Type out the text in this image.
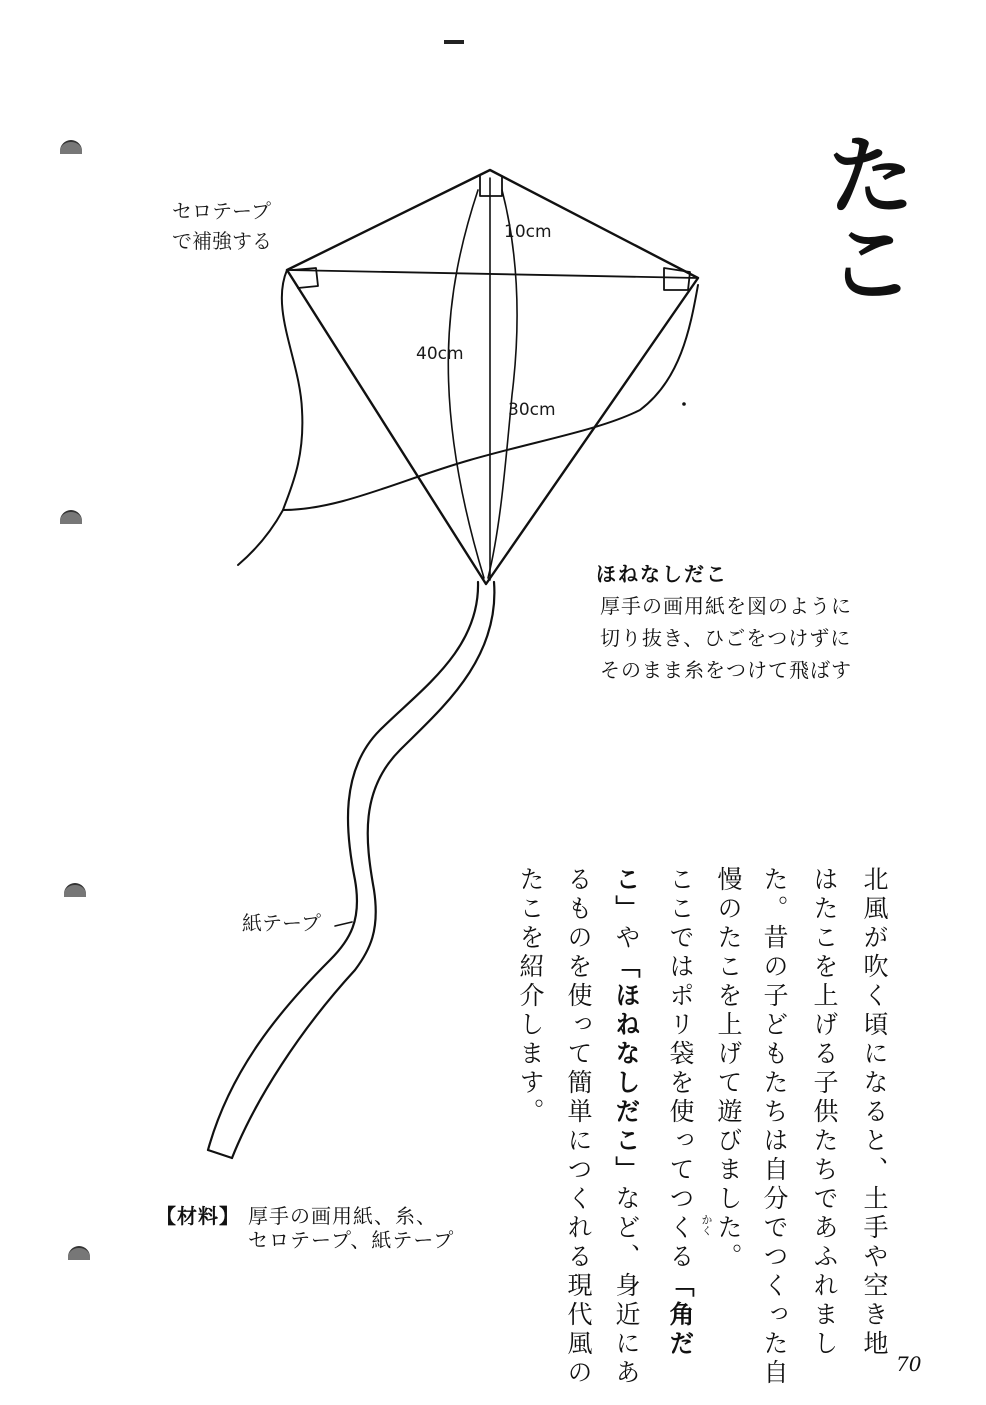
た
こ
セロテープ
で補強する	10cm
40cm
30cm
紙テープ
ほねなしだこ
厚手の画用紙を図のように
切り抜き、ひごをつけずに
そのまま糸をつけて飛ばす
【材料】 厚手の画用紙、糸、
セロテープ、紙テープ	北風が吹く頃になると、土手や空き地
はたこを上げる子供たちであふれまし
た。昔の子どもたちは自分でつくった自
慢のたこを上げて遊びました。
ここではポリ袋を使ってつくる「角だ
かく
こ」や「ほねなしだこ」など、身近にあ
るものを使って簡単につくれる現代風の
たこを紹介します。
70
